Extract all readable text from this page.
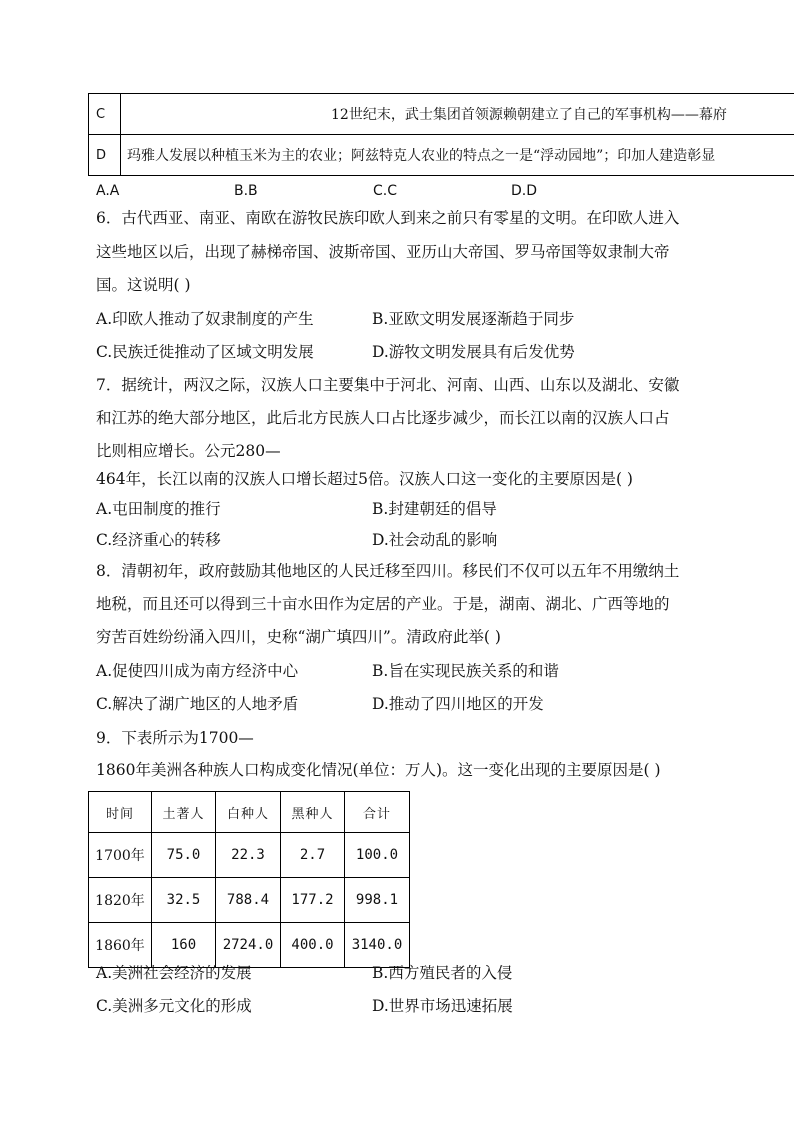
C	12世纪末，武士集团首领源赖朝建立了自己的军事机构——幕府
D	玛雅人发展以种植玉米为主的农业；阿兹特克人农业的特点之一是“浮动园地”；印加人建造彰显
A.A	B.B	C.C	D.D
6．古代西亚、南亚、南欧在游牧民族印欧人到来之前只有零星的文明。在印欧人进入
这些地区以后，出现了赫梯帝国、波斯帝国、亚历山大帝国、罗马帝国等奴隶制大帝
国。这说明( )
A.印欧人推动了奴隶制度的产生	B.亚欧文明发展逐渐趋于同步
C.民族迁徙推动了区域文明发展	D.游牧文明发展具有后发优势
7．据统计，两汉之际，汉族人口主要集中于河北、河南、山西、山东以及湖北、安徽
和江苏的绝大部分地区，此后北方民族人口占比逐步减少，而长江以南的汉族人口占
比则相应增长。公元280—
464年，长江以南的汉族人口增长超过5倍。汉族人口这一变化的主要原因是( )
A.屯田制度的推行	B.封建朝廷的倡导
C.经济重心的转移	D.社会动乱的影响
8．清朝初年，政府鼓励其他地区的人民迁移至四川。移民们不仅可以五年不用缴纳土
地税，而且还可以得到三十亩水田作为定居的产业。于是，湖南、湖北、广西等地的
穷苦百姓纷纷涌入四川，史称“湖广填四川”。清政府此举( )
A.促使四川成为南方经济中心	B.旨在实现民族关系的和谐
C.解决了湖广地区的人地矛盾	D.推动了四川地区的开发
9．下表所示为1700—
1860年美洲各种族人口构成变化情况(单位：万人)。这一变化出现的主要原因是( )
时间	土著人	白种人	黑种人	合计
1700年	75.0	22.3	2.7	100.0
1820年	32.5	788.4	177.2	998.1
1860年	160	2724.0	400.0	3140.0
A.美洲社会经济的发展	B.西方殖民者的入侵
C.美洲多元文化的形成	D.世界市场迅速拓展
